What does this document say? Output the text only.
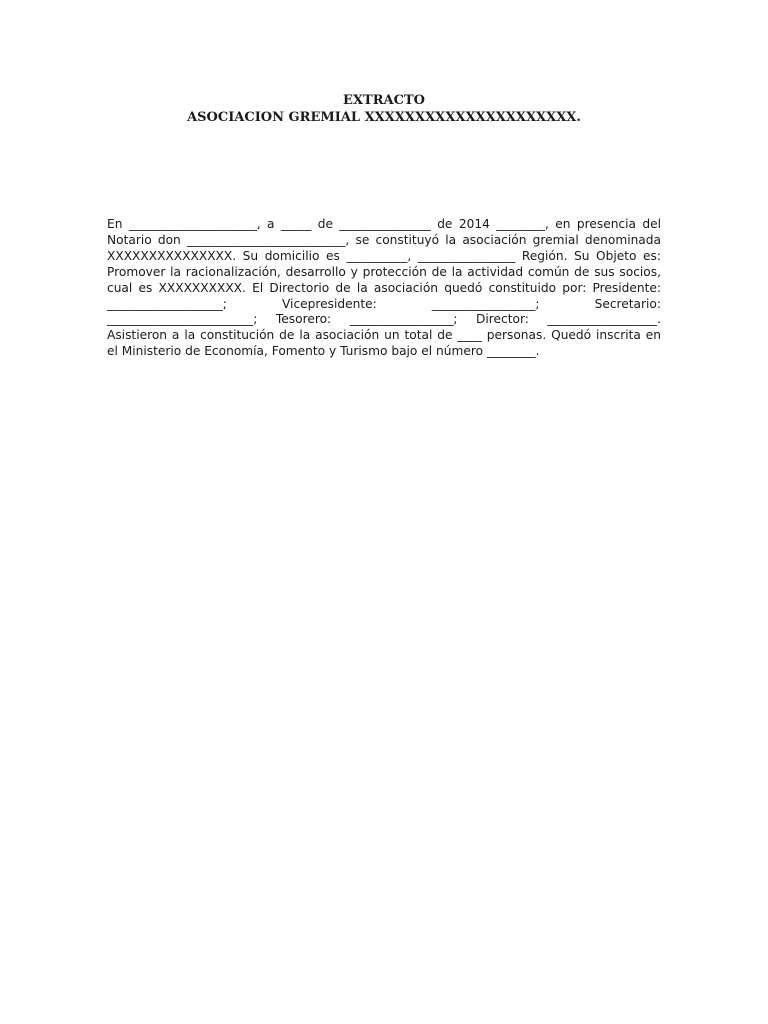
EXTRACTO
ASOCIACION GREMIAL XXXXXXXXXXXXXXXXXXXXX.

En _____________________, a _____ de _______________ de 2014 ________, en presencia del Notario don __________________________, se constituyó la asociación gremial denominada XXXXXXXXXXXXXXX. Su domicilio es __________, ________________ Región. Su Objeto es: Promover la racionalización, desarrollo y protección de la actividad común de sus socios, cual es XXXXXXXXXX. El Directorio de la asociación quedó constituido por: Presidente: ___________________; Vicepresidente: _________________; Secretario: ________________________; Tesorero: _________________; Director: __________________. Asistieron a la constitución de la asociación un total de ____ personas. Quedó inscrita en el Ministerio de Economía, Fomento y Turismo bajo el número ________.
